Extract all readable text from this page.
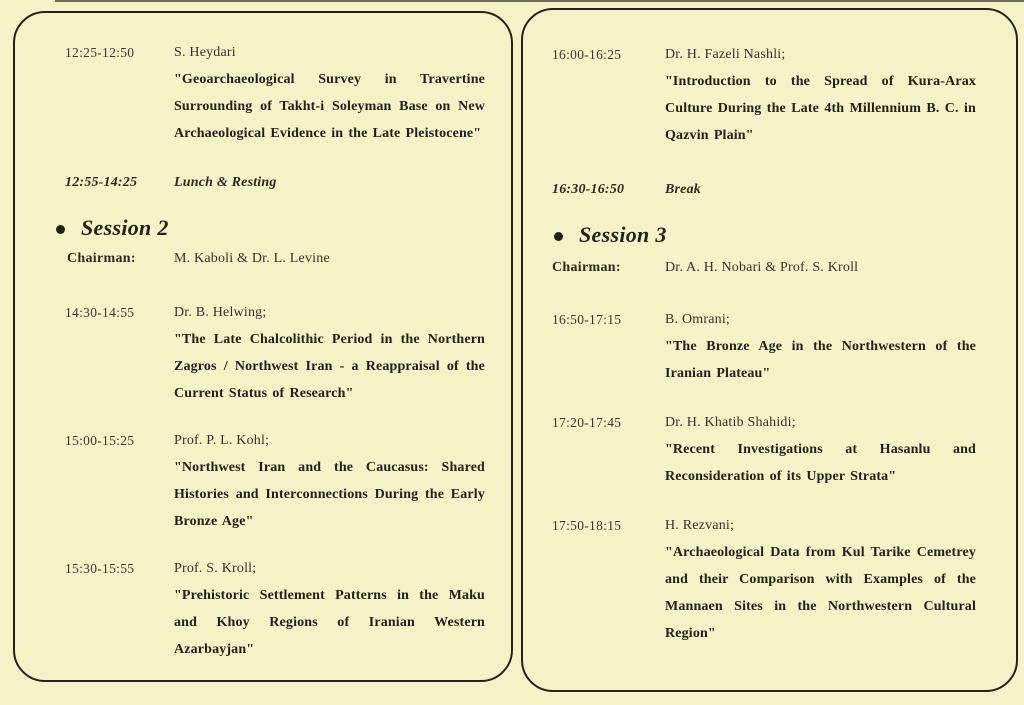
12:25-12:50	S. Heydari
"Geoarchaeological Survey in Travertine Surrounding of Takht-i Soleyman Base on New Archaeological Evidence in the Late Pleistocene"
12:55-14:25	Lunch & Resting
Session 2
Chairman:	M. Kaboli & Dr. L. Levine
14:30-14:55	Dr. B. Helwing;
"The Late Chalcolithic Period in the Northern Zagros / Northwest Iran - a Reappraisal of the Current Status of Research"
15:00-15:25	Prof. P. L. Kohl;
"Northwest Iran and the Caucasus: Shared Histories and Interconnections During the Early Bronze Age"
15:30-15:55	Prof. S. Kroll;
"Prehistoric Settlement Patterns in the Maku and Khoy Regions of Iranian Western Azarbayjan"
16:00-16:25	Dr. H. Fazeli Nashli;
"Introduction to the Spread of Kura-Arax Culture During the Late 4th Millennium B. C. in Qazvin Plain"
16:30-16:50	Break
Session 3
Chairman:	Dr. A. H. Nobari & Prof. S. Kroll
16:50-17:15	B. Omrani;
"The Bronze Age in the Northwestern of the Iranian Plateau"
17:20-17:45	Dr. H. Khatib Shahidi;
"Recent Investigations at Hasanlu and Reconsideration of its Upper Strata"
17:50-18:15	H. Rezvani;
"Archaeological Data from Kul Tarike Cemetrey and their Comparison with Examples of the Mannaen Sites in the Northwestern Cultural Region"
